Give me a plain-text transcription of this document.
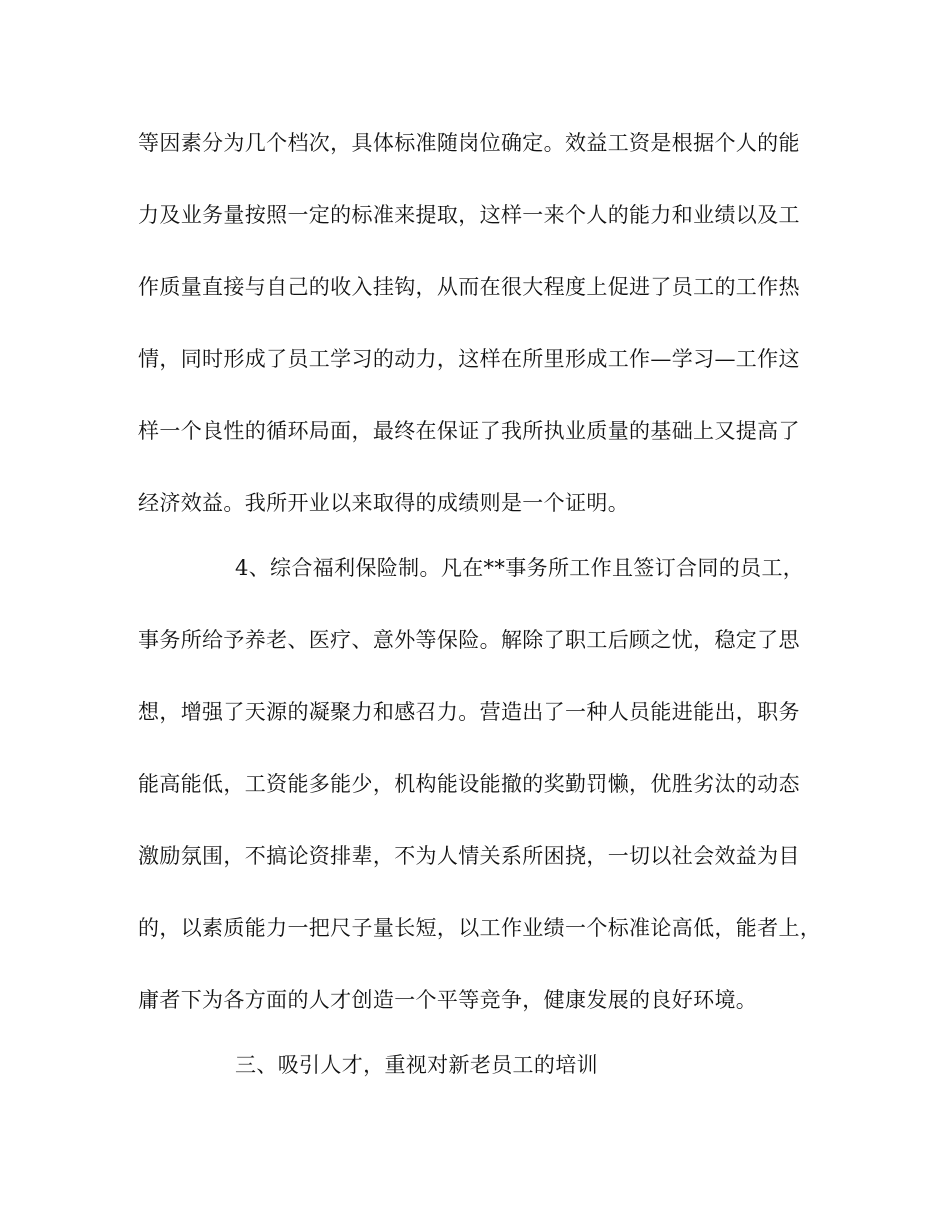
等因素分为几个档次，具体标准随岗位确定。效益工资是根据个人的能
力及业务量按照一定的标准来提取，这样一来个人的能力和业绩以及工
作质量直接与自己的收入挂钩，从而在很大程度上促进了员工的工作热
情，同时形成了员工学习的动力，这样在所里形成工作—学习—工作这
样一个良性的循环局面，最终在保证了我所执业质量的基础上又提高了
经济效益。我所开业以来取得的成绩则是一个证明。
4、综合福利保险制。凡在**事务所工作且签订合同的员工，
事务所给予养老、医疗、意外等保险。解除了职工后顾之忧，稳定了思
想，增强了天源的凝聚力和感召力。营造出了一种人员能进能出，职务
能高能低，工资能多能少，机构能设能撤的奖勤罚懒，优胜劣汰的动态
激励氛围，不搞论资排辈，不为人情关系所困挠，一切以社会效益为目
的，以素质能力一把尺子量长短，以工作业绩一个标准论高低，能者上，
庸者下为各方面的人才创造一个平等竞争，健康发展的良好环境。
三、吸引人才，重视对新老员工的培训
